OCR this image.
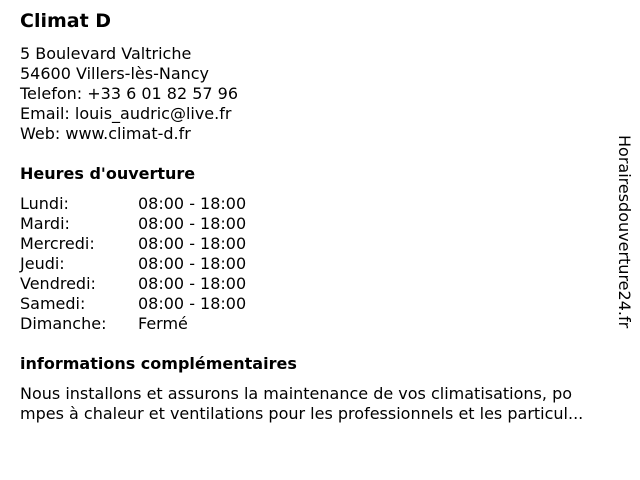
Climat D
5 Boulevard Valtriche
54600 Villers-lès-Nancy
Telefon: +33 6 01 82 57 96
Email: louis_audric@live.fr
Web: www.climat-d.fr
Heures d'ouverture
Lundi:	08:00 - 18:00
Mardi:	08:00 - 18:00
Mercredi:	08:00 - 18:00
Jeudi:	08:00 - 18:00
Vendredi:	08:00 - 18:00
Samedi:	08:00 - 18:00
Dimanche: Fermé
informations complémentaires
Nous installons et assurons la maintenance de vos climatisations, po
mpes à chaleur et ventilations pour les professionnels et les particul...
Horairesdouverture24.fr
